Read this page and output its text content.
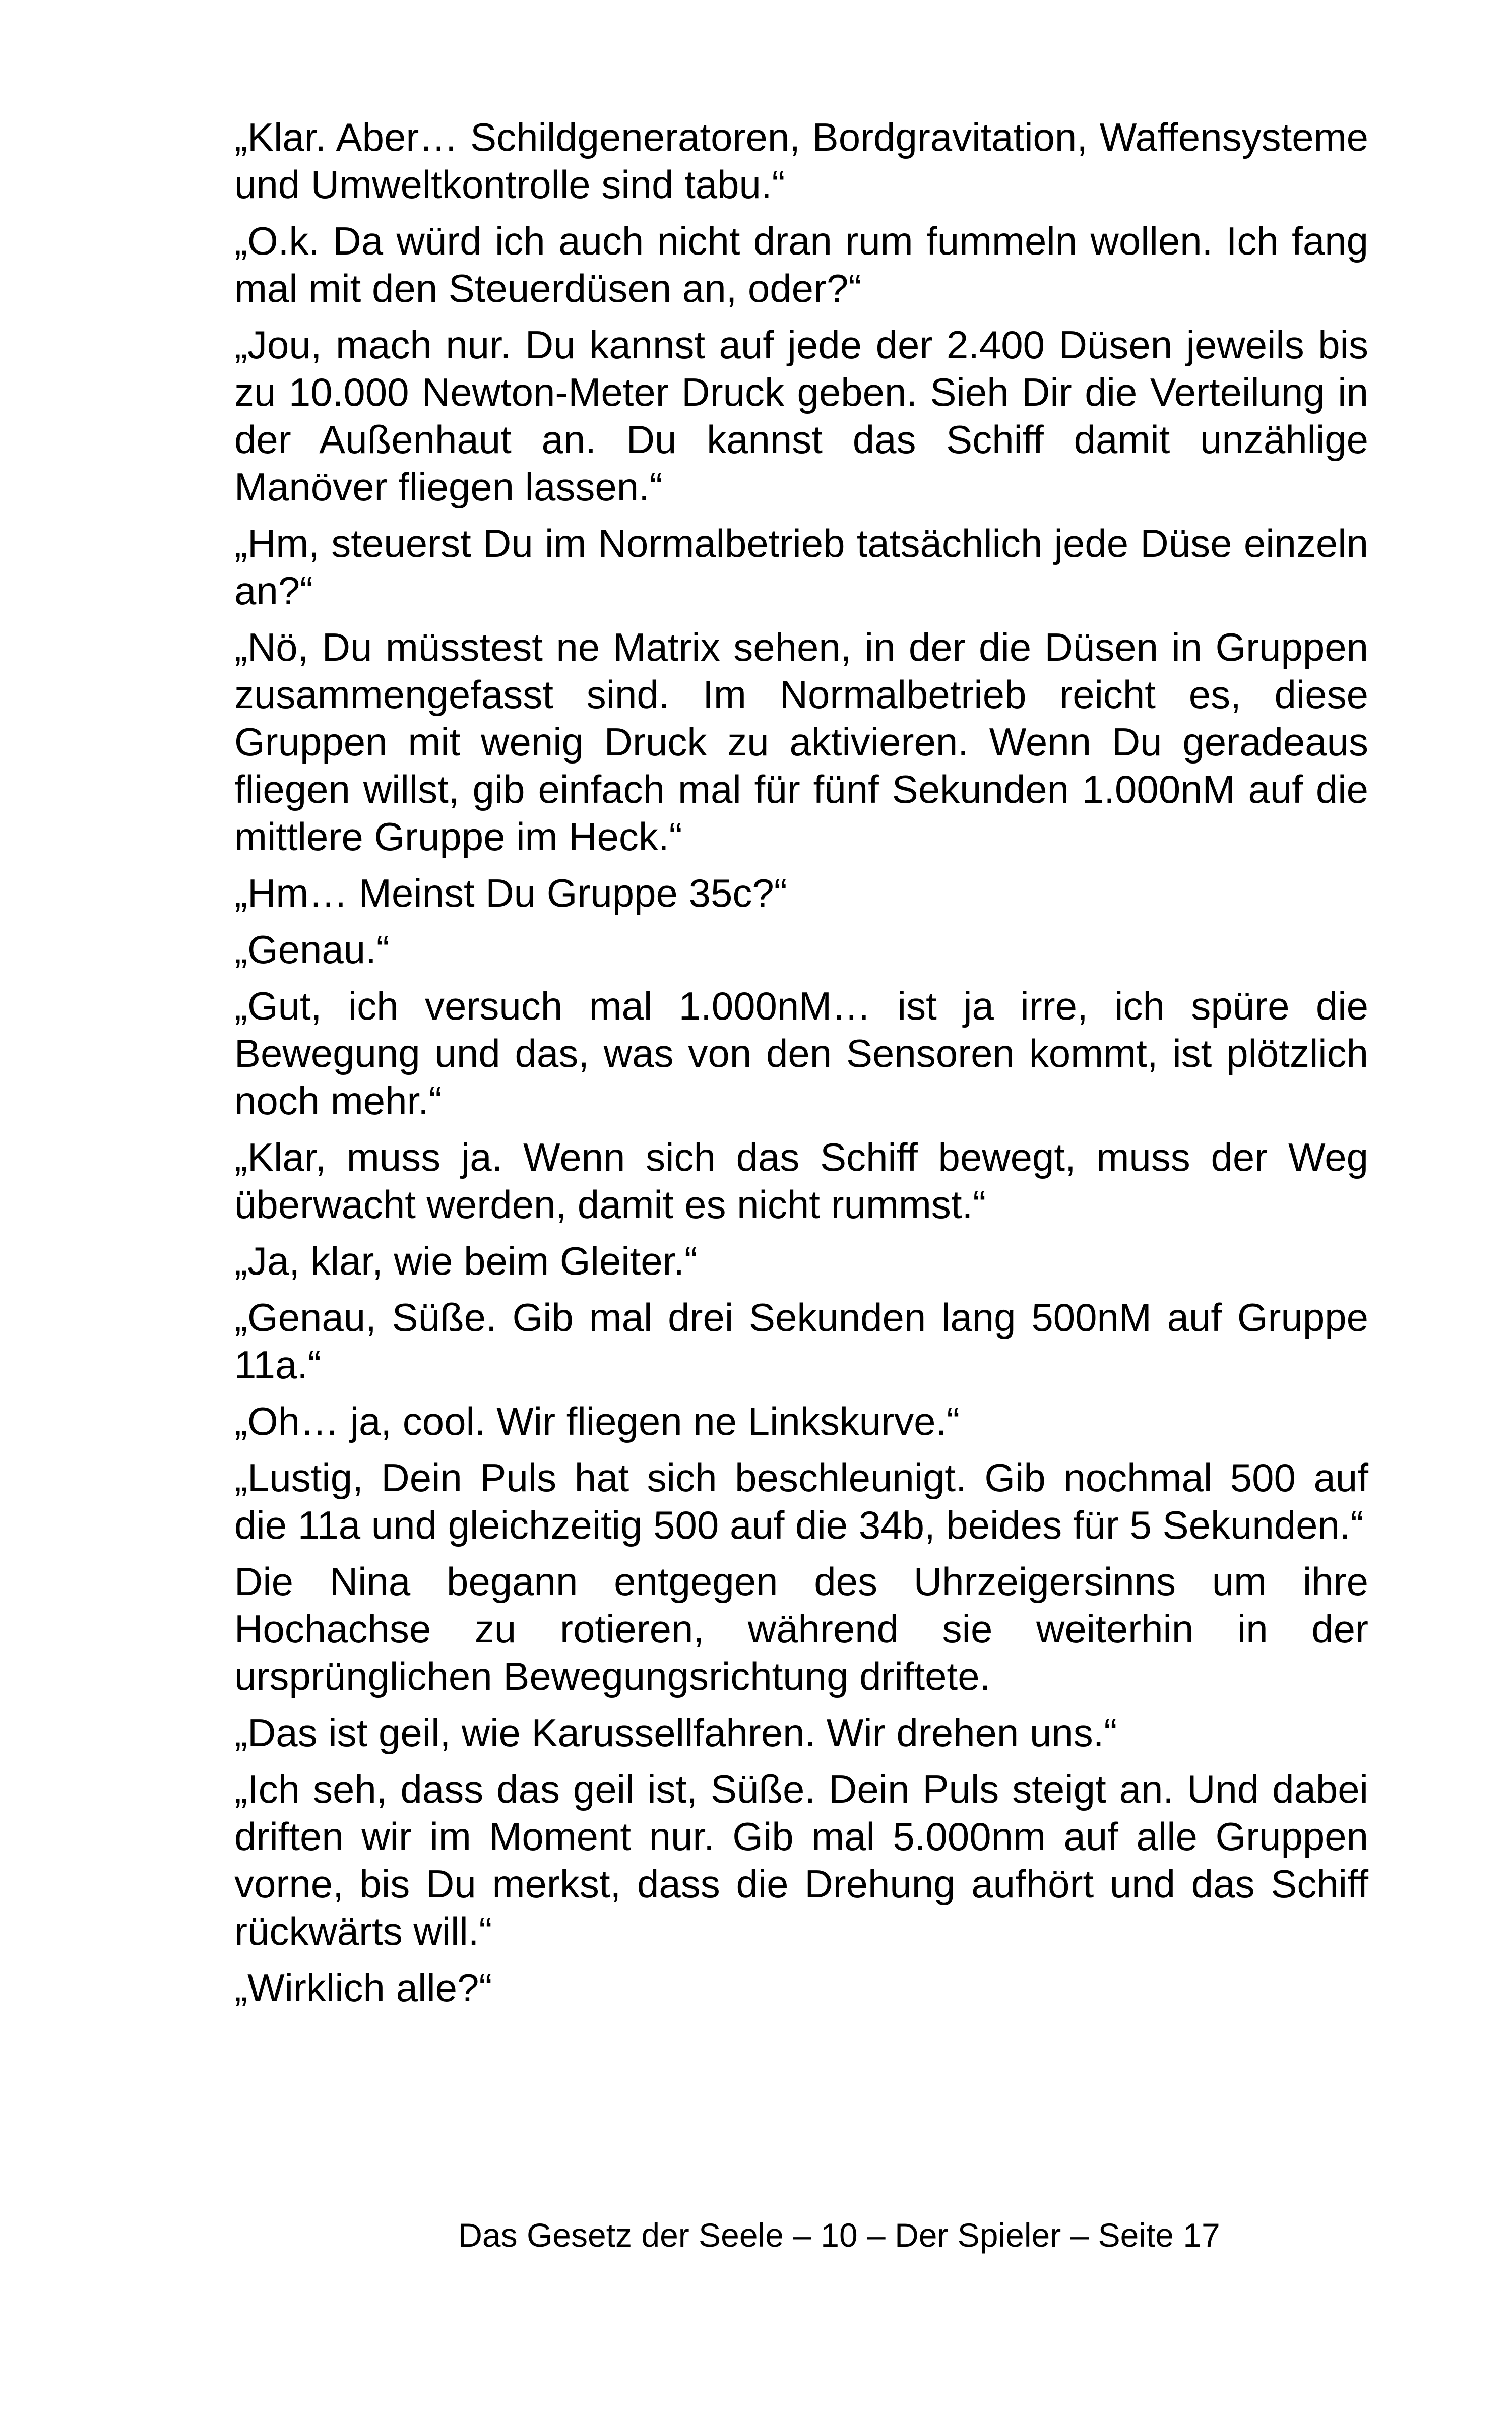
„Klar. Aber… Schildgeneratoren, Bordgravitation, Waffensysteme und Umweltkontrolle sind tabu.“

„O.k. Da würd ich auch nicht dran rum fummeln wollen. Ich fang mal mit den Steuerdüsen an, oder?“

„Jou, mach nur. Du kannst auf jede der 2.400 Düsen jeweils bis zu 10.000 Newton-Meter Druck geben. Sieh Dir die Verteilung in der Außenhaut an. Du kannst das Schiff damit unzählige Manöver fliegen lassen.“

„Hm, steuerst Du im Normalbetrieb tatsächlich jede Düse einzeln an?“

„Nö, Du müsstest ne Matrix sehen, in der die Düsen in Gruppen zusammengefasst sind. Im Normalbetrieb reicht es, diese Gruppen mit wenig Druck zu aktivieren. Wenn Du geradeaus fliegen willst, gib einfach mal für fünf Sekunden 1.000nM auf die mittlere Gruppe im Heck.“

„Hm… Meinst Du Gruppe 35c?“

„Genau.“

„Gut, ich versuch mal 1.000nM… ist ja irre, ich spüre die Bewegung und das, was von den Sensoren kommt, ist plötzlich noch mehr.“

„Klar, muss ja. Wenn sich das Schiff bewegt, muss der Weg überwacht werden, damit es nicht rummst.“

„Ja, klar, wie beim Gleiter.“

„Genau, Süße. Gib mal drei Sekunden lang 500nM auf Gruppe 11a.“

„Oh… ja, cool. Wir fliegen ne Linkskurve.“

„Lustig, Dein Puls hat sich beschleunigt. Gib nochmal 500 auf die 11a und gleichzeitig 500 auf die 34b, beides für 5 Sekunden.“

Die Nina begann entgegen des Uhrzeigersinns um ihre Hochachse zu rotieren, während sie weiterhin in der ursprünglichen Bewegungsrichtung driftete.

„Das ist geil, wie Karussellfahren. Wir drehen uns.“

„Ich seh, dass das geil ist, Süße. Dein Puls steigt an. Und dabei driften wir im Moment nur. Gib mal 5.000nm auf alle Gruppen vorne, bis Du merkst, dass die Drehung aufhört und das Schiff rückwärts will.“

„Wirklich alle?“

Das Gesetz der Seele – 10 – Der Spieler – Seite 17
